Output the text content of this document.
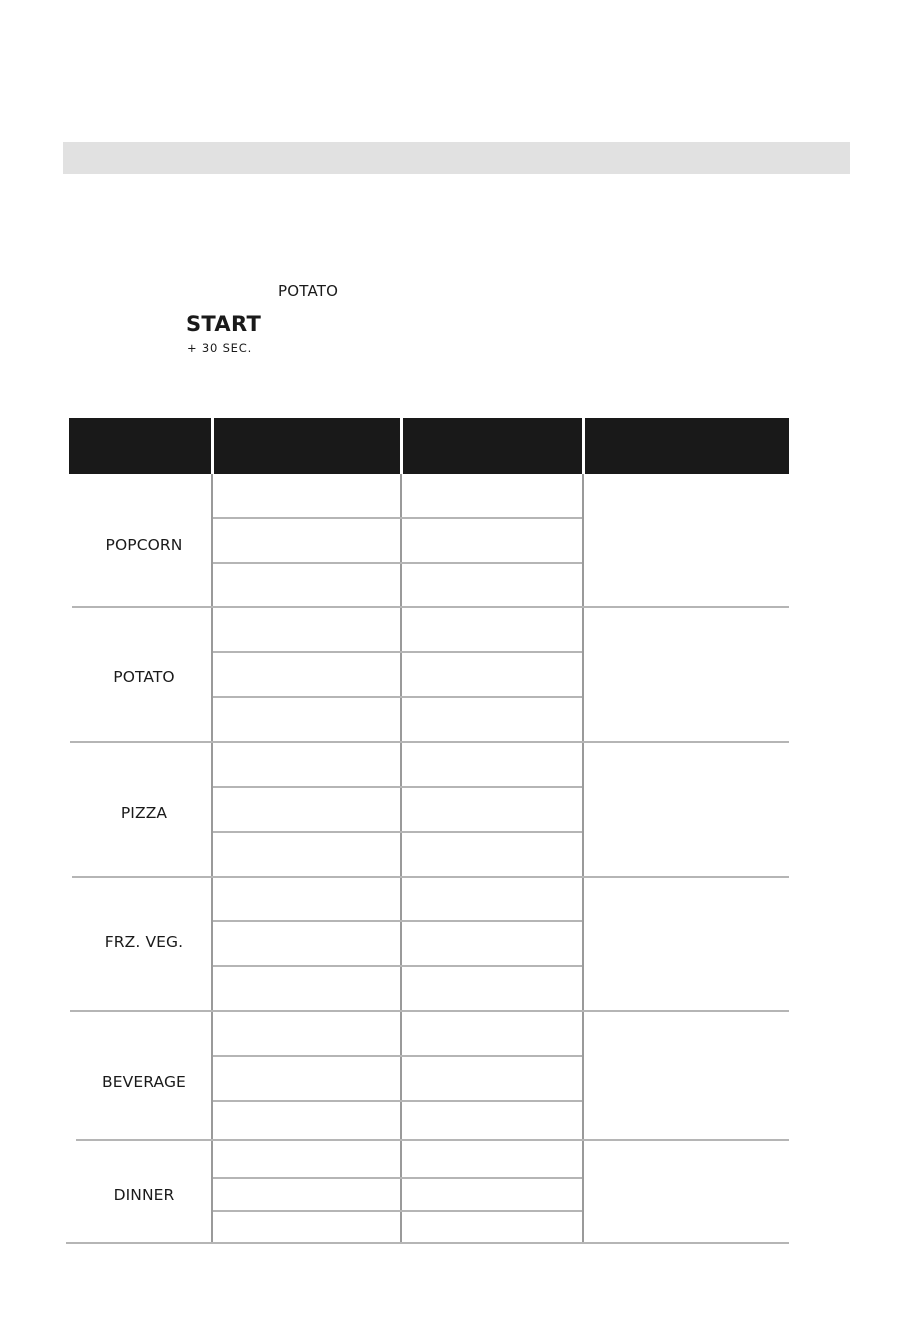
POTATO
START
+ 30 SEC.
POPCORN
POTATO
PIZZA
FRZ. VEG.
BEVERAGE
DINNER
